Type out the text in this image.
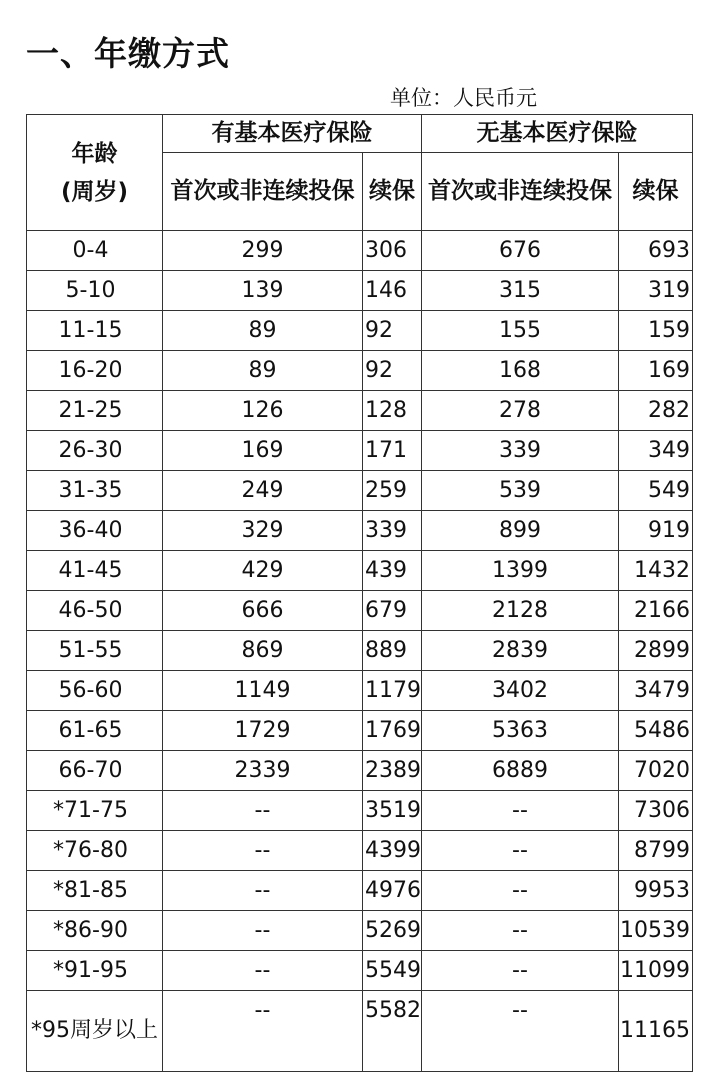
一、年缴方式
单位：人民币元
年龄
(周岁)	有基本医疗保险		无基本医疗保险	
	首次或非连续投保	续保	首次或非连续投保	续保
0-4	299	306	676	693
5-10	139	146	315	319
11-15	89	92	155	159
16-20	89	92	168	169
21-25	126	128	278	282
26-30	169	171	339	349
31-35	249	259	539	549
36-40	329	339	899	919
41-45	429	439	1399	1432
46-50	666	679	2128	2166
51-55	869	889	2839	2899
56-60	1149	1179	3402	3479
61-65	1729	1769	5363	5486
66-70	2339	2389	6889	7020
*71-75	--	3519	--	7306
*76-80	--	4399	--	8799
*81-85	--	4976	--	9953
*86-90	--	5269	--	10539
*91-95	--	5549	--	11099
*95周岁以上	--	5582	--	11165
